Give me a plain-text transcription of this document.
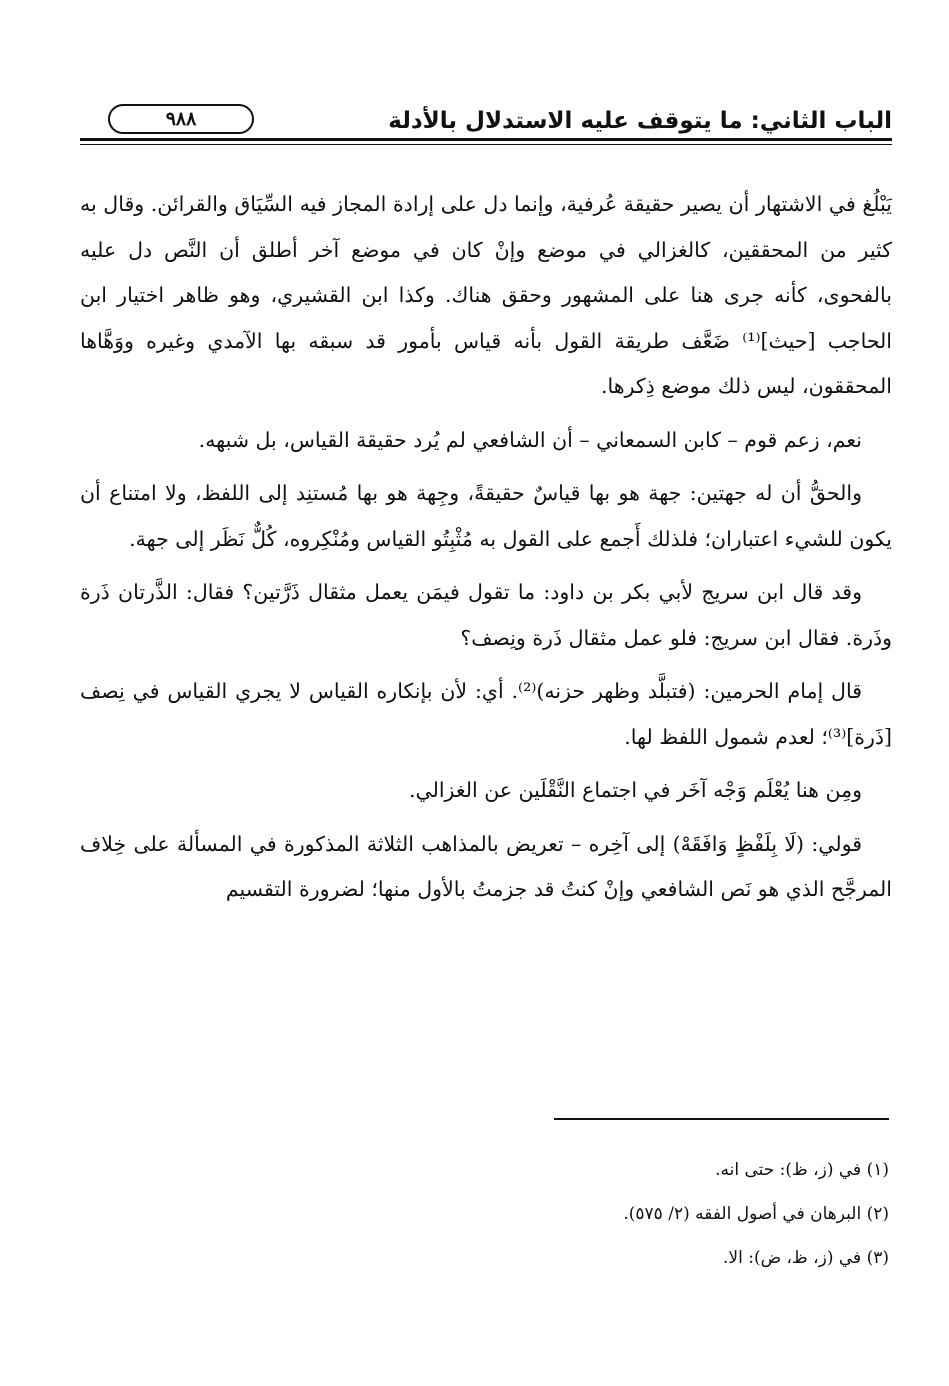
الباب الثاني: ما يتوقف عليه الاستدلال بالأدلة
٩٨٨

يَبْلُغ في الاشتهار أن يصير حقيقة عُرفية، وإنما دل على إرادة المجاز فيه السِّيَاق والقرائن. وقال به كثير من المحققين، كالغزالي في موضع وإنْ كان في موضع آخر أطلق أن النَّص دل عليه بالفحوى، كأنه جرى هنا على المشهور وحقق هناك. وكذا ابن القشيري، وهو ظاهر اختيار ابن الحاجب [حيث]⁽¹⁾ ضَعَّف طريقة القول بأنه قياس بأمور قد سبقه بها الآمدي وغيره ووَهَّاها المحققون، ليس ذلك موضع ذِكرها.

نعم، زعم قوم – كابن السمعاني – أن الشافعي لم يُرد حقيقة القياس، بل شبهه.

والحقُّ أن له جهتين: جهة هو بها قياسٌ حقيقةً، وجِهة هو بها مُستنِد إلى اللفظ، ولا امتناع أن يكون للشيء اعتباران؛ فلذلك أَجمع على القول به مُثْبِتُو القياس ومُنْكِروه، كُلٌّ نَظَر إلى جهة.

وقد قال ابن سريج لأبي بكر بن داود: ما تقول فيمَن يعمل مثقال ذَرَّتين؟ فقال: الذَّرتان ذَرة وذَرة. فقال ابن سريج: فلو عمل مثقال ذَرة ونِصف؟

قال إمام الحرمين: (فتبلَّد وظهر حزنه)⁽²⁾. أي: لأن بإنكاره القياس لا يجري القياس في نِصف [ذَرة]⁽³⁾؛ لعدم شمول اللفظ لها.

ومِن هنا يُعْلَم وَجْه آخَر في اجتماع النَّقْلَين عن الغزالي.

قولي: (لَا بِلَفْظٍ وَافَقَهْ) إلى آخِره – تعريض بالمذاهب الثلاثة المذكورة في المسألة على خِلاف المرجَّح الذي هو نَص الشافعي وإنْ كنتُ قد جزمتُ بالأول منها؛ لضرورة التقسيم

(١) في (ز، ظ): حتى انه.
(٢) البرهان في أصول الفقه (٢/ ٥٧٥).
(٣) في (ز، ظ، ض): الا.
